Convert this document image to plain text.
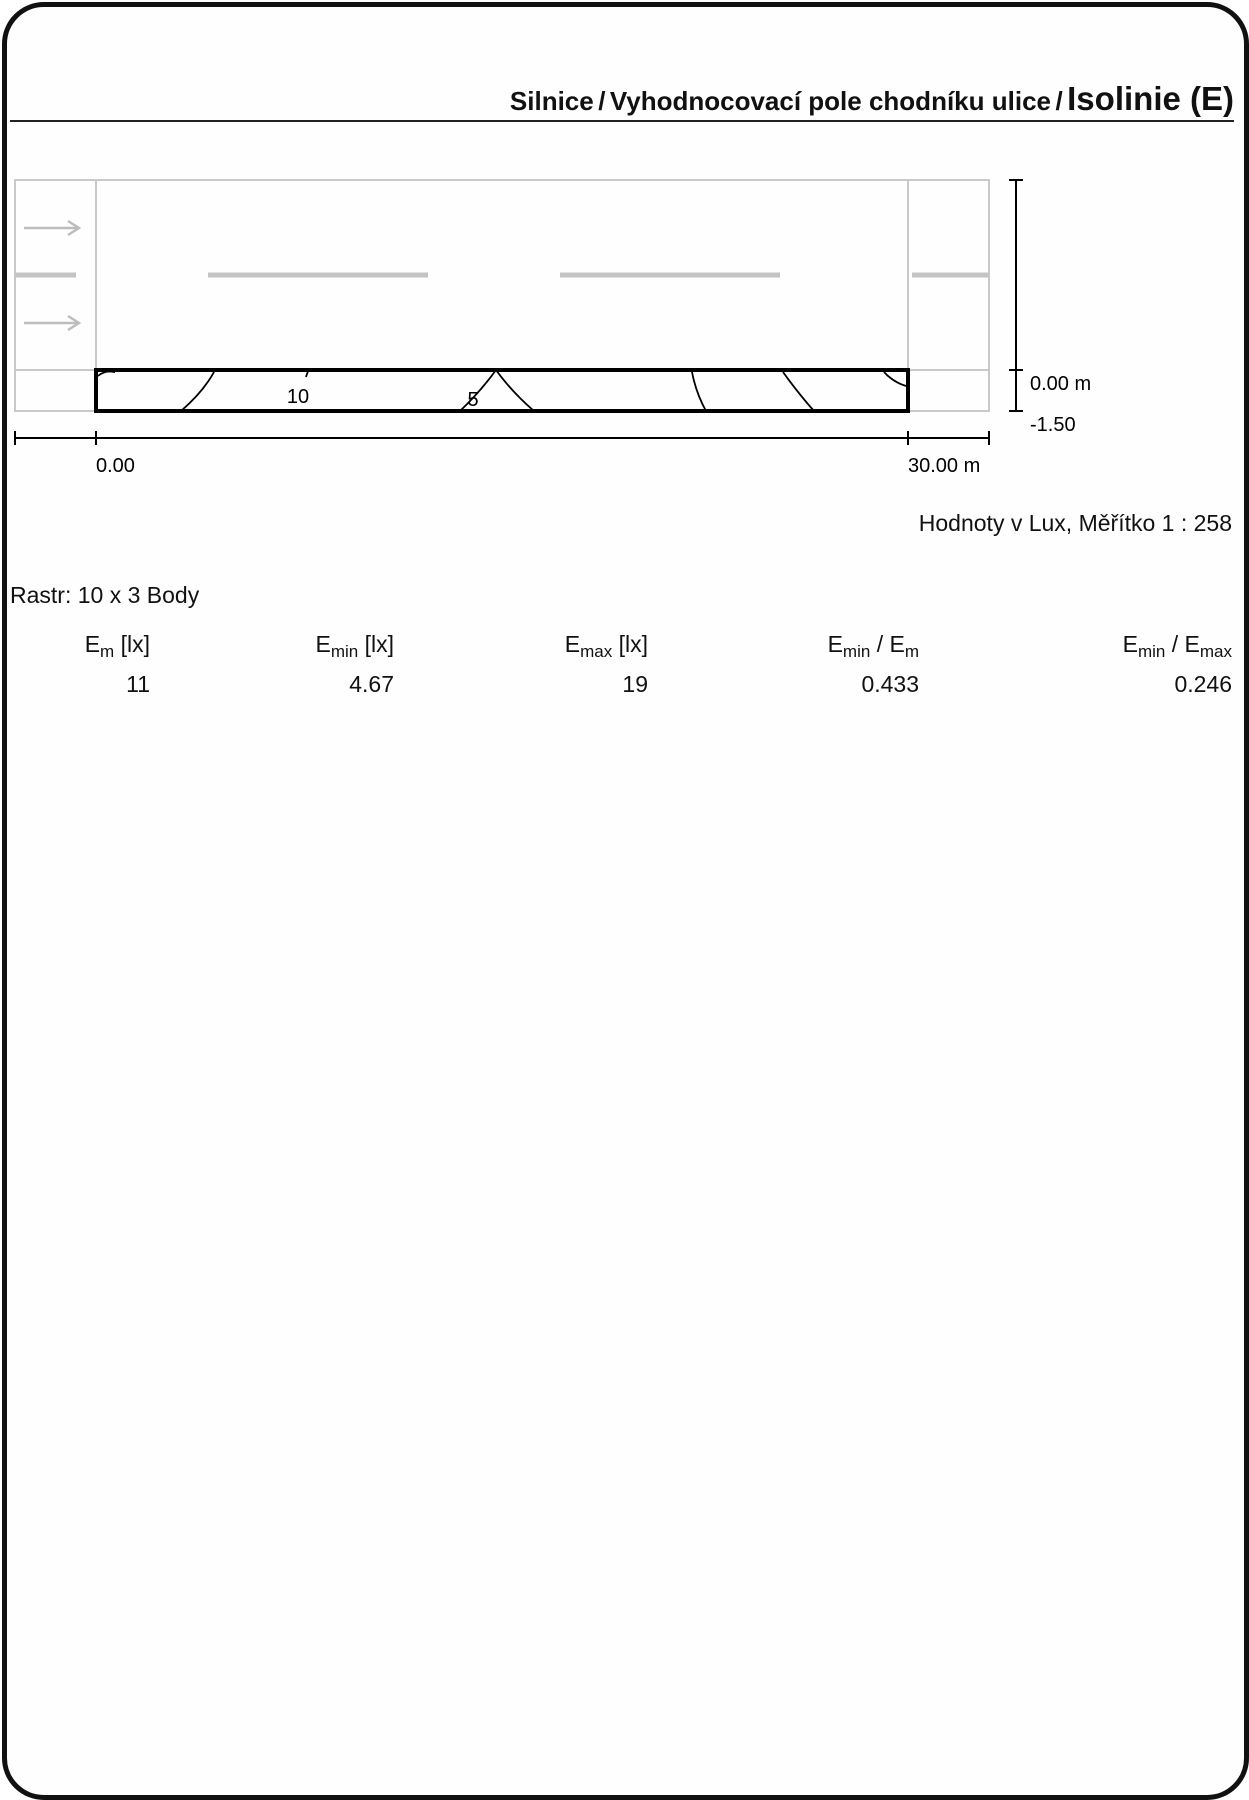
Silnice / Vyhodnocovací pole chodníku ulice / Isolinie (E)
10	5
0.00 m
-1.50
0.00	30.00 m
Hodnoty v Lux, Měřítko 1 : 258
Rastr: 10 x 3 Body
$E_m$ [lx]	$E_{min}$ [lx]	$E_{max}$ [lx]	$E_{min} / E_m$	$E_{min} / E_{max}$
11	4.67	19	0.433	0.246
